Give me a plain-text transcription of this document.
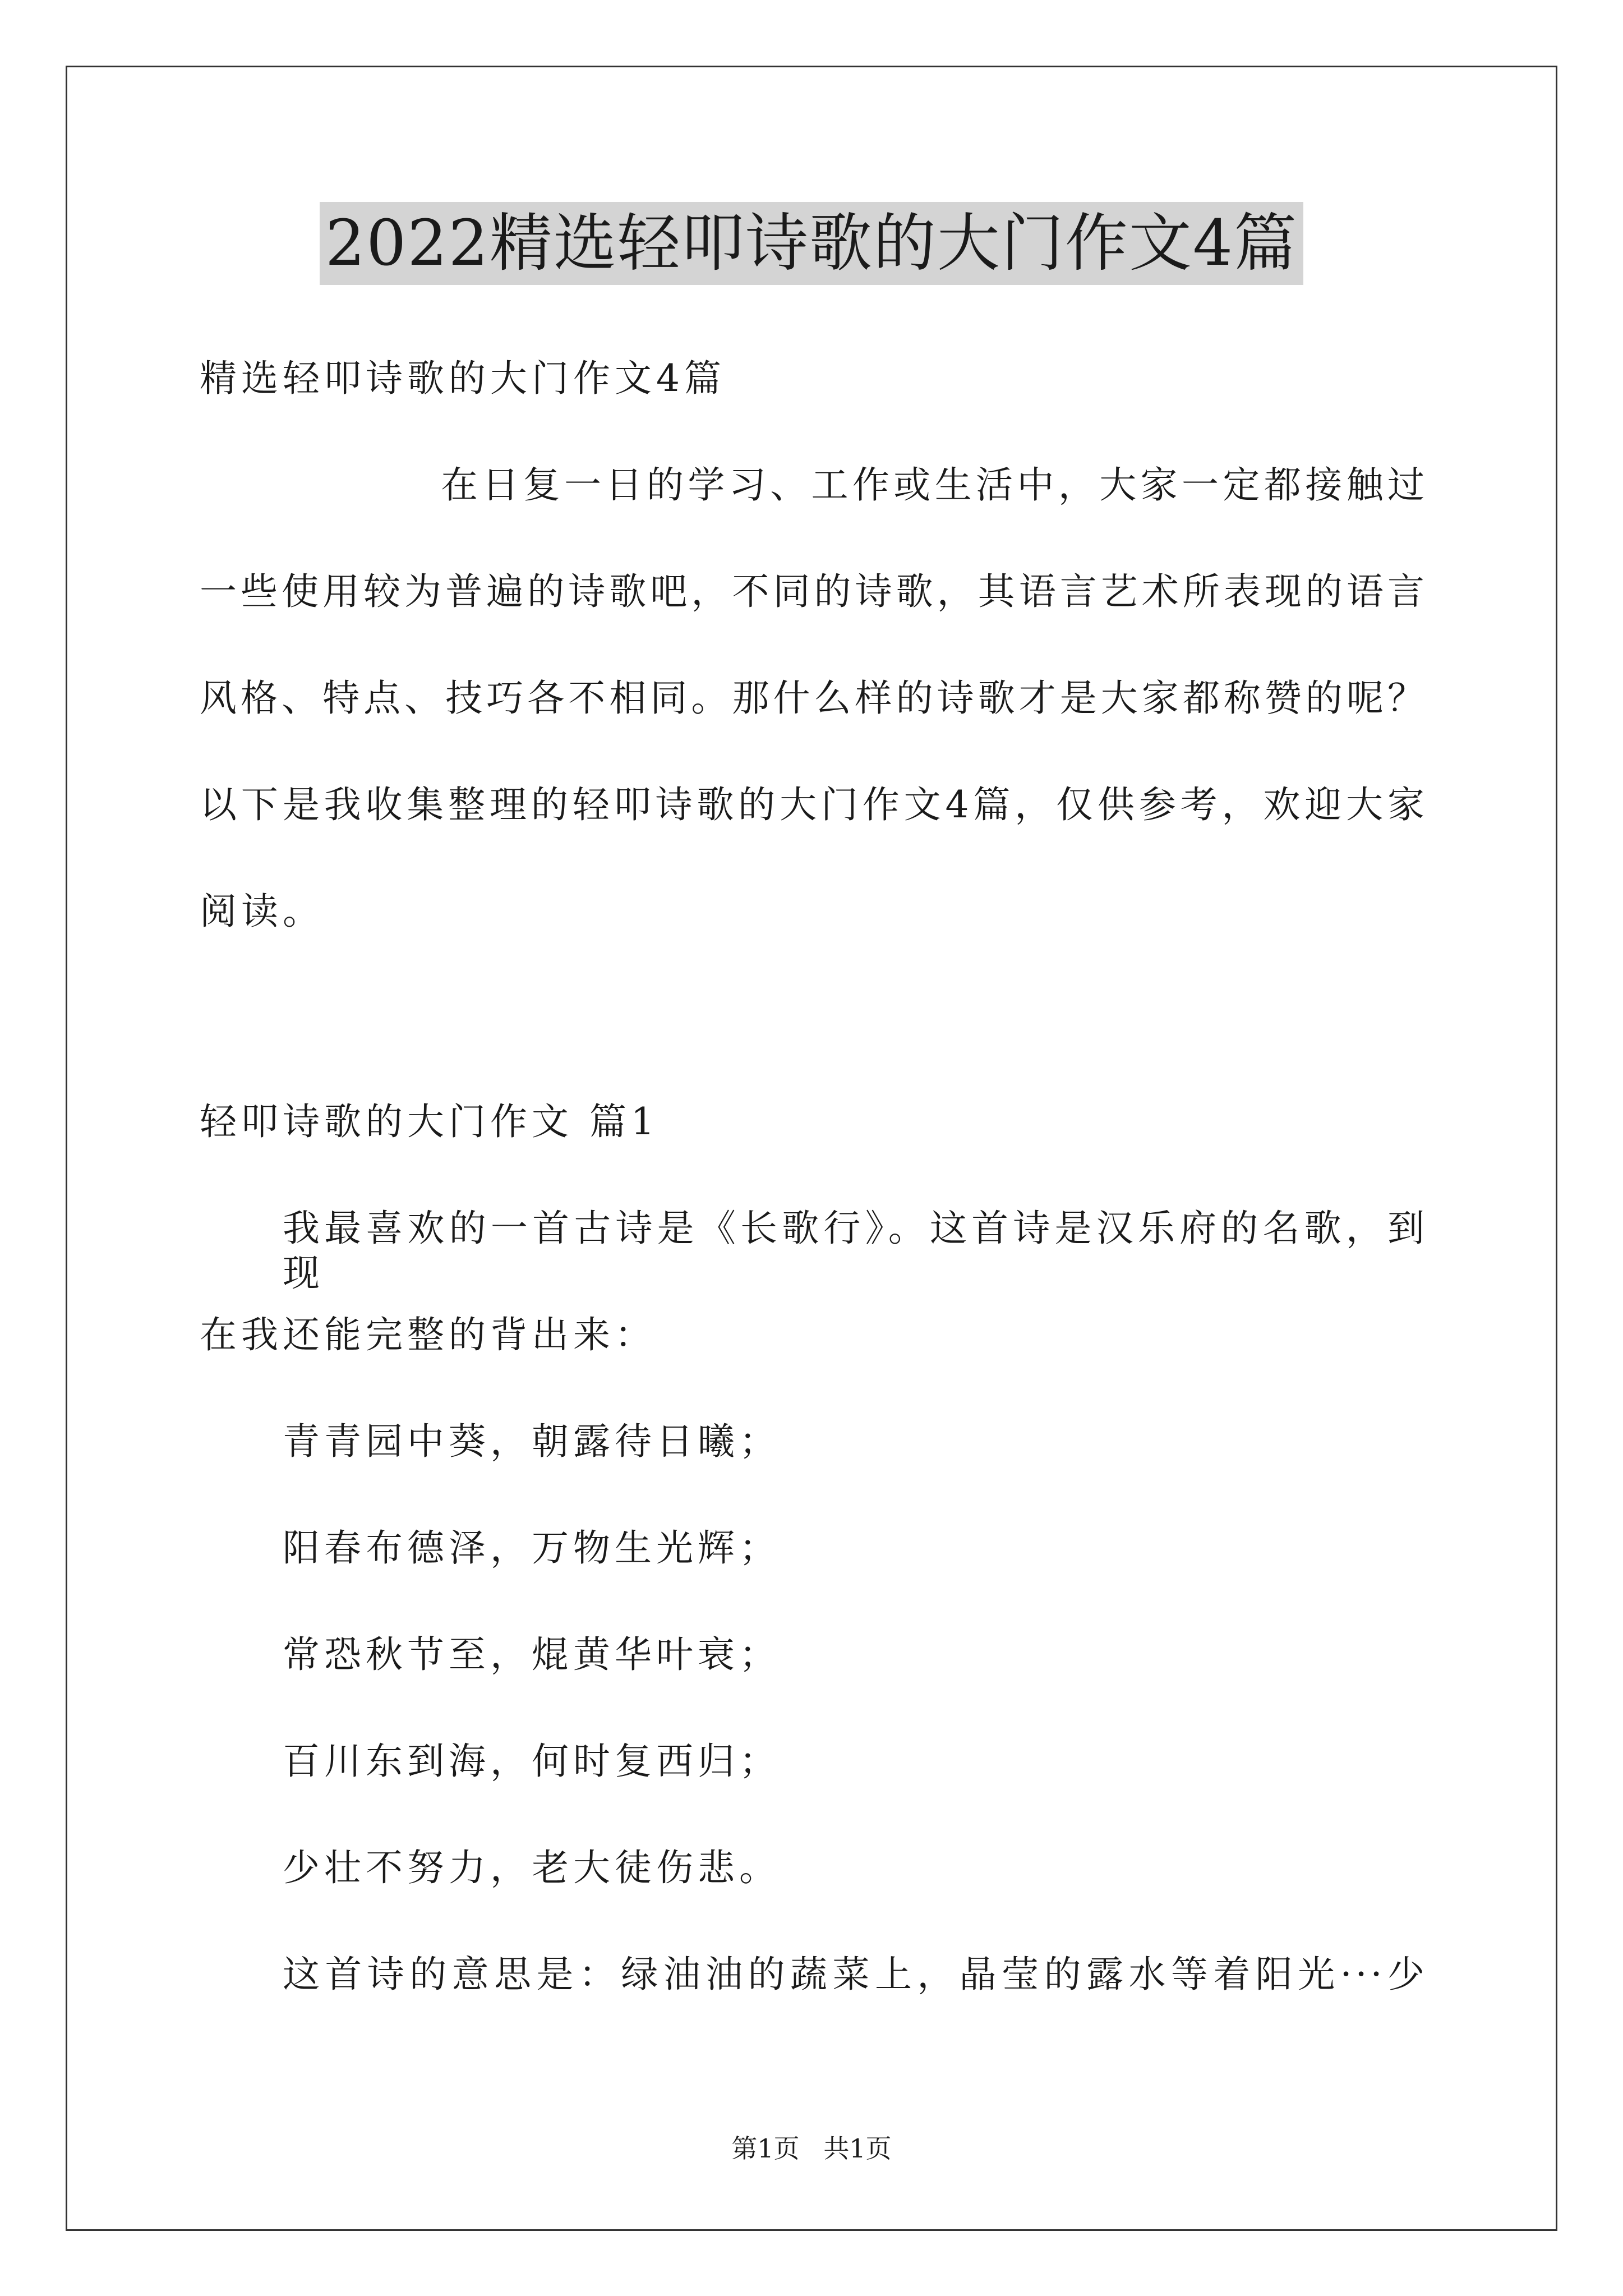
2022精选轻叩诗歌的大门作文4篇
精选轻叩诗歌的大门作文4篇
在日复一日的学习、工作或生活中，大家一定都接触过
一些使用较为普遍的诗歌吧，不同的诗歌，其语言艺术所表现的语言
风格、特点、技巧各不相同。那什么样的诗歌才是大家都称赞的呢？
以下是我收集整理的轻叩诗歌的大门作文4篇，仅供参考，欢迎大家
阅读。
轻叩诗歌的大门作文 篇1
我最喜欢的一首古诗是《长歌行》。这首诗是汉乐府的名歌，到现
在我还能完整的背出来：
青青园中葵，朝露待日曦；
阳春布德泽，万物生光辉；
常恐秋节至，焜黄华叶衰；
百川东到海，何时复西归；
少壮不努力，老大徒伤悲。
这首诗的意思是：绿油油的蔬菜上，晶莹的露水等着阳光···少
第1页 共1页
